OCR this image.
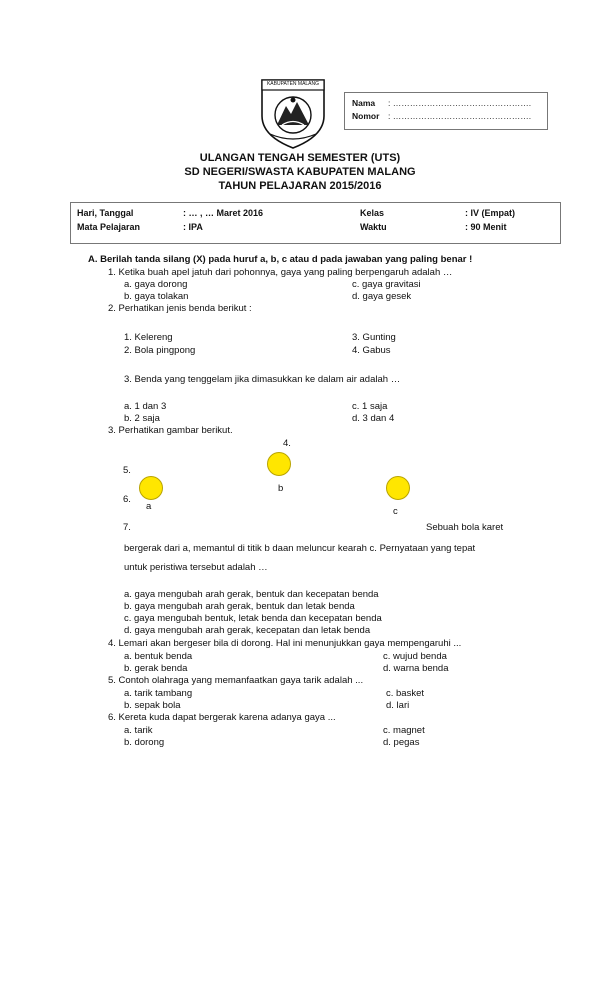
KABUPATEN MALANG
Nama : ………………………………………….
Nomor : ………………………………………….
ULANGAN TENGAH SEMESTER (UTS)
SD NEGERI/SWASTA KABUPATEN MALANG
TAHUN PELAJARAN 2015/2016
Hari, Tanggal	: … , … Maret 2016
Mata Pelajaran	: IPA
Kelas	: IV (Empat)
Waktu	: 90 Menit
A. Berilah tanda silang (X) pada huruf a, b, c atau d pada jawaban yang paling benar !
1. Ketika buah apel jatuh dari pohonnya, gaya yang paling berpengaruh adalah …
a. gaya dorong	c. gaya gravitasi
b. gaya tolakan	d. gaya gesek
2. Perhatikan jenis benda berikut :
1. Kelereng	3. Gunting
2. Bola pingpong	4. Gabus
3. Benda yang tenggelam jika dimasukkan ke dalam air adalah …
a. 1 dan 3	c. 1 saja
b. 2 saja	d. 3 dan 4
3. Perhatikan gambar berikut.
4.
5.
6.
7.
b
a	c
Sebuah bola karet
bergerak dari a, memantul di titik b daan meluncur kearah c. Pernyataan yang tepat
untuk peristiwa tersebut adalah …
a. gaya mengubah arah gerak, bentuk dan kecepatan benda
b. gaya mengubah arah gerak, bentuk dan letak benda
c. gaya mengubah bentuk, letak benda dan kecepatan benda
d. gaya mengubah arah gerak, kecepatan dan letak benda
4. Lemari akan bergeser bila di dorong. Hal ini menunjukkan gaya mempengaruhi ...
a. bentuk benda	c. wujud benda
b. gerak benda	d. warna benda
5. Contoh olahraga yang memanfaatkan gaya tarik adalah ...
a. tarik tambang	c. basket
b. sepak bola	d. lari
6. Kereta kuda dapat bergerak karena adanya gaya ...
a. tarik	c. magnet
b. dorong	d. pegas
